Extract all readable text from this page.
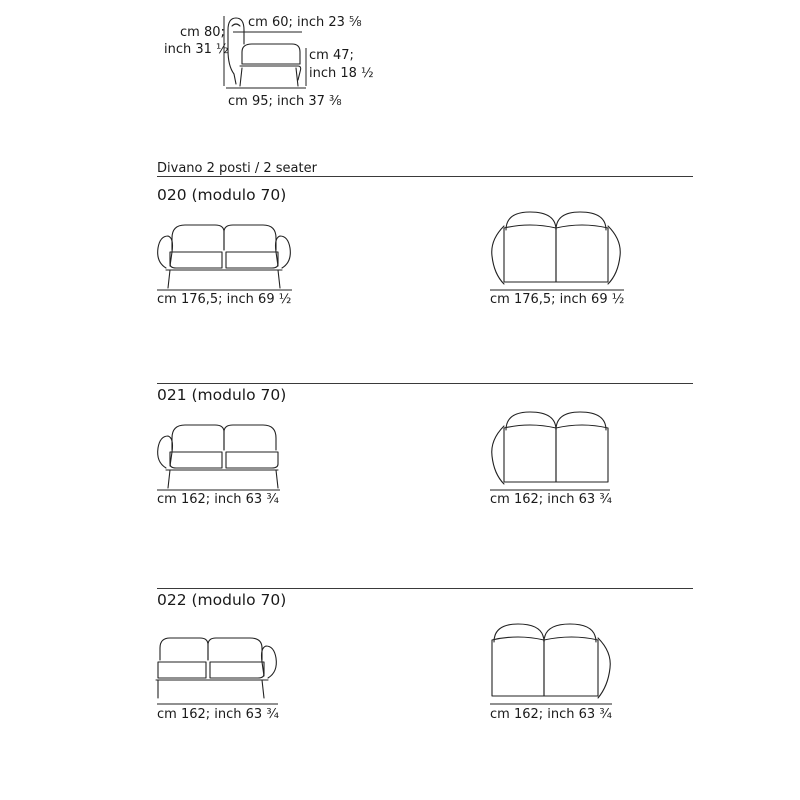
cm 80;
inch 31 ½
cm 60; inch 23 ⅝
cm 47;
inch 18 ½
cm 95; inch 37 ⅜
Divano 2 posti / 2 seater
020 (modulo 70)
cm 176,5; inch 69 ½	cm 176,5; inch 69 ½
021 (modulo 70)
cm 162; inch 63 ¾	cm 162; inch 63 ¾
022 (modulo 70)
cm 162; inch 63 ¾	cm 162; inch 63 ¾
